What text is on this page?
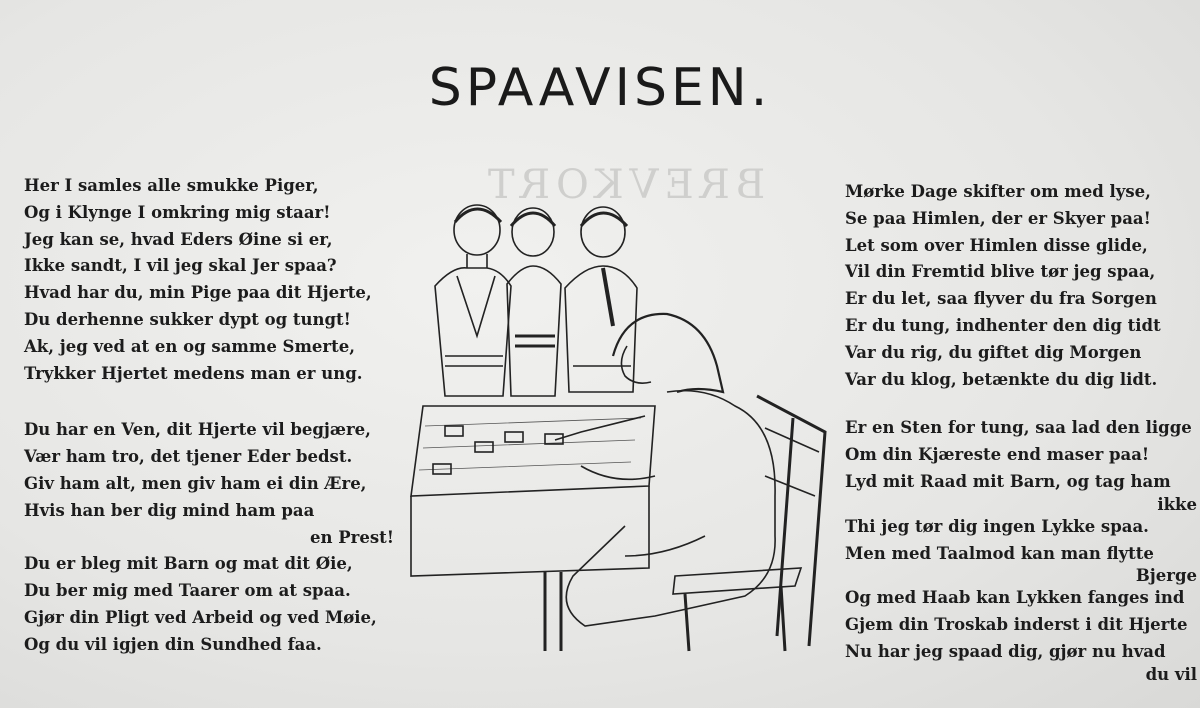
SPAAVISEN.
BREVKORT
Her I samles alle smukke Piger,
Og i Klynge I omkring mig staar!
Jeg kan se, hvad Eders Øine si er,
Ikke sandt, I vil jeg skal Jer spaa?
Hvad har du, min Pige paa dit Hjerte,
Du derhenne sukker dypt og tungt!
Ak, jeg ved at en og samme Smerte,
Trykker Hjertet medens man er ung.
Du har en Ven, dit Hjerte vil begjære,
Vær ham tro, det tjener Eder bedst.
Giv ham alt, men giv ham ei din Ære,
Hvis han ber dig mind ham paa
en Prest!
Du er bleg mit Barn og mat dit Øie,
Du ber mig med Taarer om at spaa.
Gjør din Pligt ved Arbeid og ved Møie,
Og du vil igjen din Sundhed faa.
Mørke Dage skifter om med lyse,
Se paa Himlen, der er Skyer paa!
Let som over Himlen disse glide,
Vil din Fremtid blive tør jeg spaa,
Er du let, saa flyver du fra Sorgen
Er du tung, indhenter den dig tidt
Var du rig, du giftet dig Morgen
Var du klog, betænkte du dig lidt.
Er en Sten for tung, saa lad den ligge
Om din Kjæreste end maser paa!
Lyd mit Raad mit Barn, og tag ham
ikke
Thi jeg tør dig ingen Lykke spaa.
Men med Taalmod kan man flytte
Bjerge
Og med Haab kan Lykken fanges ind
Gjem din Troskab inderst i dit Hjerte
Nu har jeg spaad dig, gjør nu hvad
du vil
